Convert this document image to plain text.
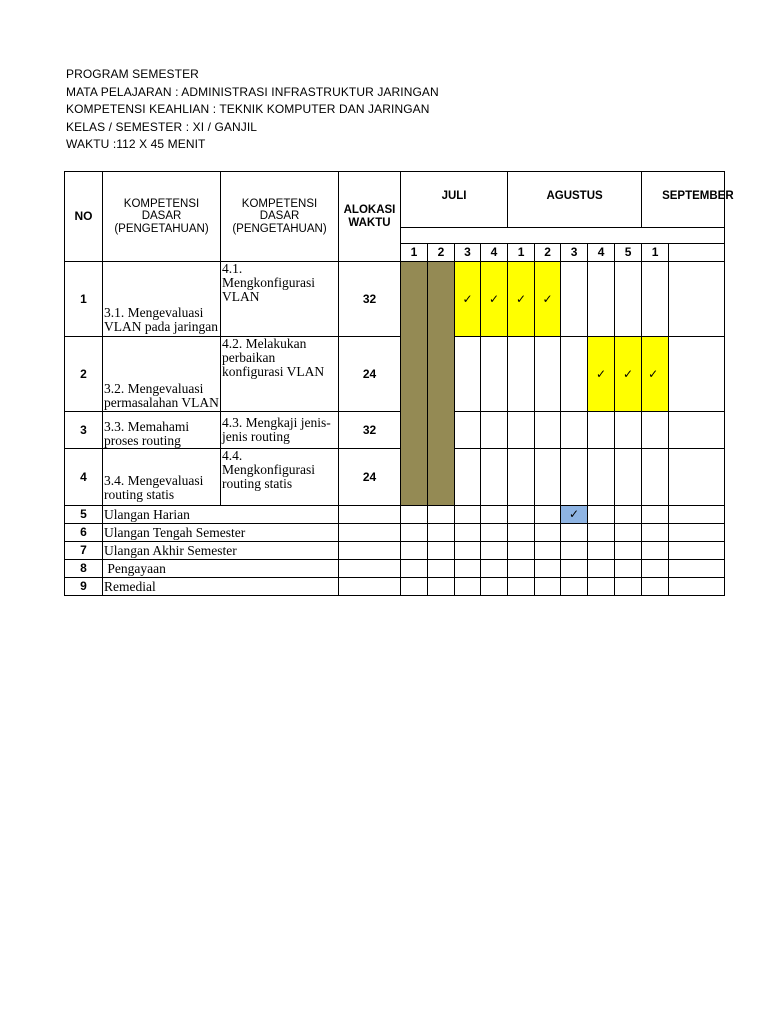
PROGRAM SEMESTER
MATA PELAJARAN : ADMINISTRASI INFRASTRUKTUR JARINGAN
KOMPETENSI KEAHLIAN : TEKNIK KOMPUTER DAN JARINGAN
KELAS / SEMESTER : XI / GANJIL
WAKTU :112 X 45 MENIT
NO	KOMPETENSI DASAR (PENGETAHUAN)	KOMPETENSI DASAR (PENGETAHUAN)	ALOKASI WAKTU	JULI				AGUSTUS					SEPTEMBER	

				1	2	3	4	1	2	3	4	5	1	
1	3.1. Mengevaluasi VLAN pada jaringan	4.1. Mengkonfigurasi VLAN	32			✓	✓	✓	✓					
2	3.2. Mengevaluasi permasalahan VLAN	4.2. Melakukan perbaikan konfigurasi VLAN	24								✓	✓	✓	
3	3.3. Memahami proses routing	4.3. Mengkaji jenis-jenis routing	32											
4	3.4. Mengevaluasi routing statis	4.4. Mengkonfigurasi routing statis	24											
5	Ulangan Harian									✓				
6	Ulangan Tengah Semester													
7	Ulangan Akhir Semester													
8	Pengayaan													
9	Remedial													
